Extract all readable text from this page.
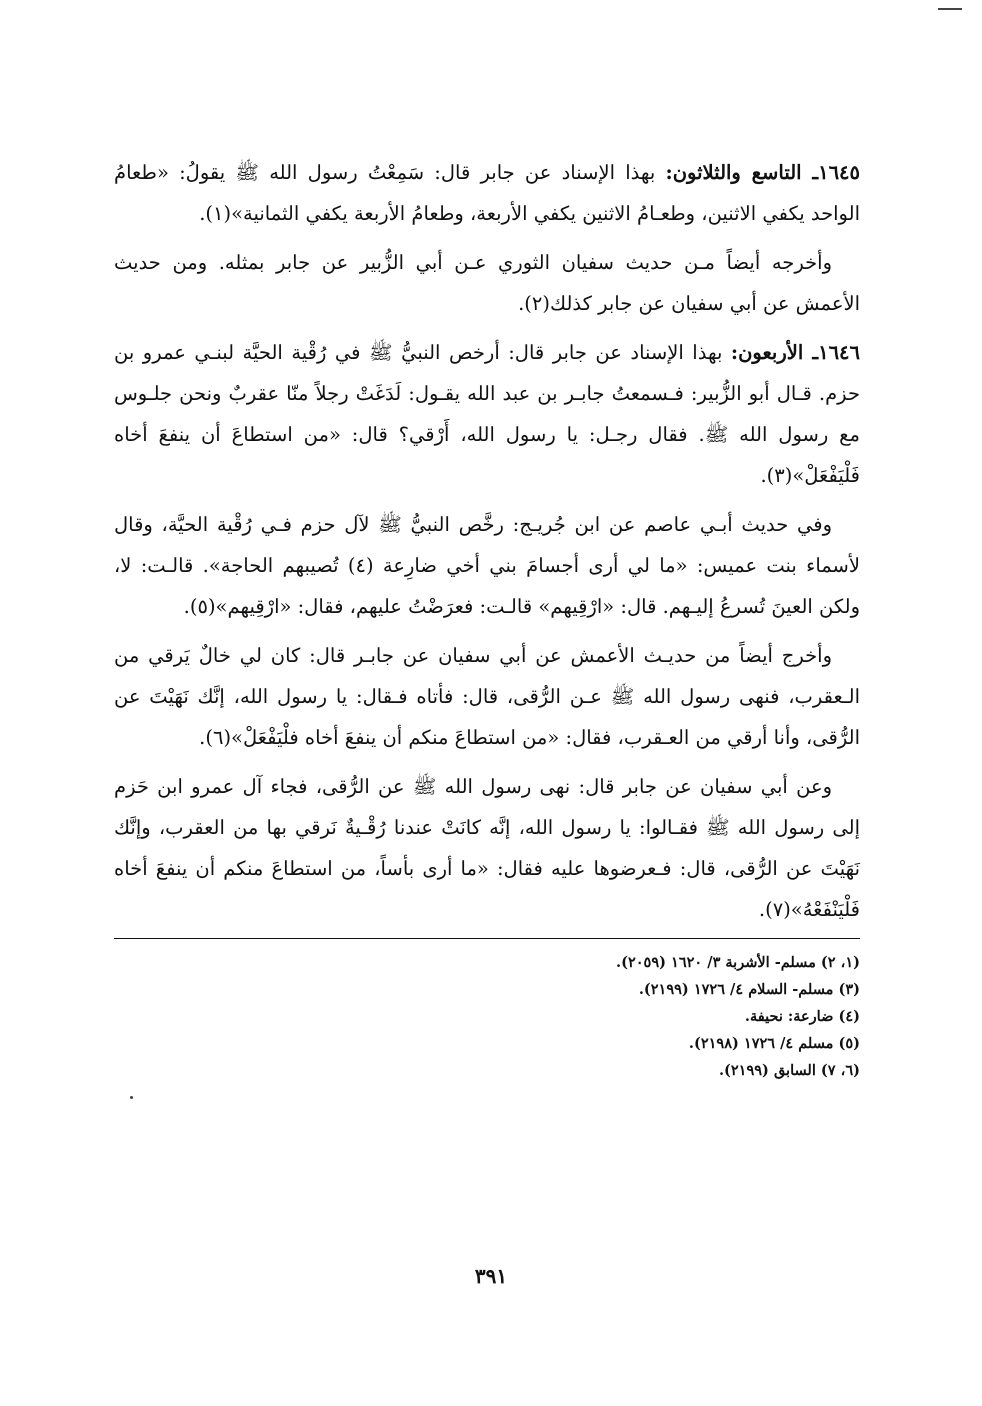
١٦٤٥ـ التاسع والثلاثون: بهذا الإسناد عن جابر قال: سَمِعْتُ رسول الله ﷺ يقولُ: «طعامُ الواحد يكفي الاثنين، وطعـامُ الاثنين يكفي الأربعة، وطعامُ الأربعة يكفي الثمانية»(١).

وأخرجه أيضاً مـن حديث سفيان الثوري عـن أبي الزُّبير عن جابر بمثله. ومن حديث الأعمش عن أبي سفيان عن جابر كذلك(٢).

١٦٤٦ـ الأربعون: بهذا الإسناد عن جابر قال: أرخص النبيُّ ﷺ في رُقْية الحيَّة لبنـي عمرو بن حزم. قـال أبو الزُّبير: فـسمعتُ جابـر بن عبد الله يقـول: لَدَغَتْ رجلاً منّا عقربٌ ونحن جلـوس مع رسول الله ﷺ. فقال رجـل: يا رسول الله، أَرْقي؟ قال: «من استطاعَ أن ينفعَ أخاه فَلْيَفْعَلْ»(٣).

وفي حديث أبـي عاصم عن ابن جُريـج: رخَّص النبيُّ ﷺ لآل حزم فـي رُقْية الحيَّة، وقال لأسماء بنت عميس: «ما لي أرى أجسامَ بني أخي ضارِعة (٤) تُصيبهم الحاجة». قالـت: لا، ولكن العينَ تُسرعُ إليـهم. قال: «ارْقِيهم» قالـت: فعرَضْتُ عليهم، فقال: «ارْقِيهم»(٥).

وأخرج أيضاً من حديـث الأعمش عن أبي سفيان عن جابـر قال: كان لي خالٌ يَرقي من الـعقرب، فنهى رسول الله ﷺ عـن الرُّقى، قال: فأتاه فـقال: يا رسول الله، إنَّك نَهَيْتَ عن الرُّقى، وأنا أرقي من العـقرب، فقال: «من استطاعَ منكم أن ينفعَ أخاه فلْيَفْعَلْ»(٦).

وعن أبي سفيان عن جابر قال: نهى رسول الله ﷺ عن الرُّقى، فجاء آل عمرو ابن حَزم إلى رسول الله ﷺ فقـالوا: يا رسول الله، إنَّه كانَتْ عندنا رُقْـيةٌ نَرقي بها من العقرب، وإنَّك نَهَيْتَ عن الرُّقى، قال: فـعرضوها عليه فقال: «ما أرى بأساً، من استطاعَ منكم أن ينفعَ أخاه فَلْيَنْفَعْهُ»(٧).

(١، ٢) مسلم- الأشربة ٣/ ١٦٢٠ (٢٠٥٩).
(٣) مسلم- السلام ٤/ ١٧٢٦ (٢١٩٩).
(٤) ضارعة: نحيفة.
(٥) مسلم ٤/ ١٧٢٦ (٢١٩٨).
(٦، ٧) السابق (٢١٩٩).
٣٩١
